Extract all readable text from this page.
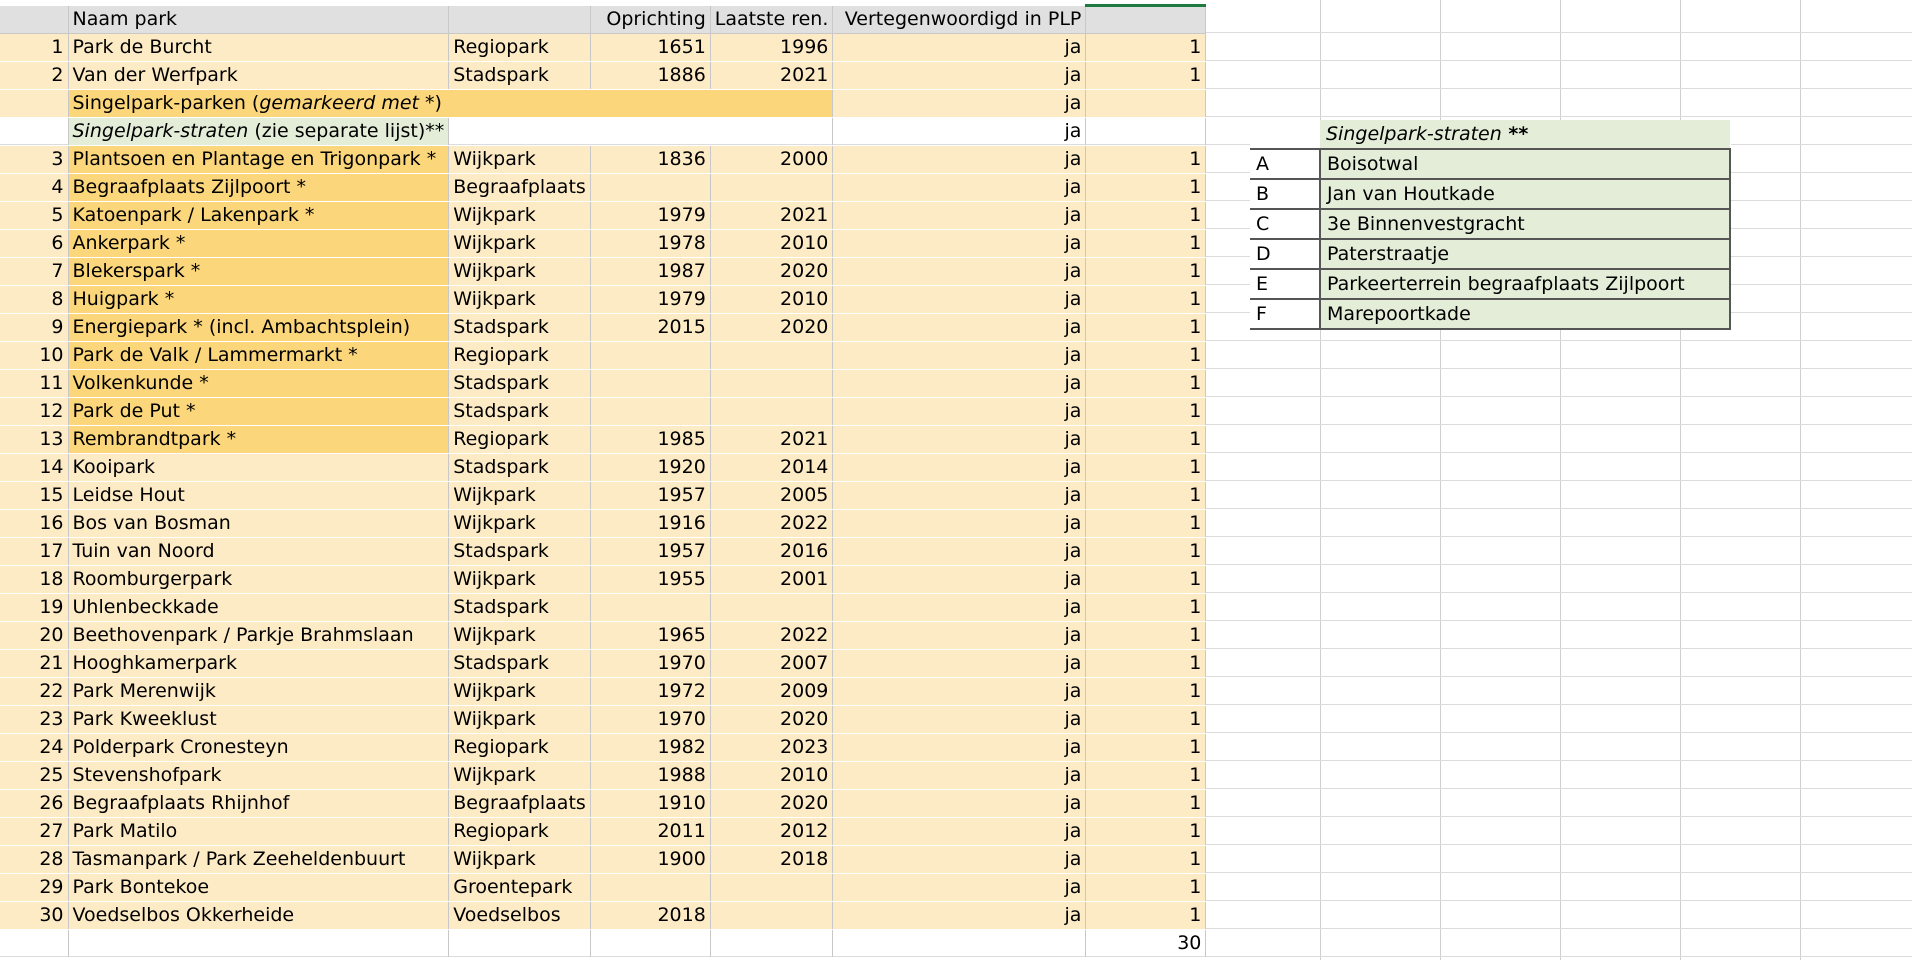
	Naam park		Oprichting	Laatste ren.	Vertegenwoordigd in PLP	
1	Park de Burcht	Regiopark	1651	1996	ja	1
2	Van der Werfpark	Stadspark	1886	2021	ja	1
	Singelpark-parken (gemarkeerd met *)				ja	
	Singelpark-straten (zie separate lijst)**				ja	
3	Plantsoen en Plantage en Trigonpark *	Wijkpark	1836	2000	ja	1
4	Begraafplaats Zijlpoort *	Begraafplaats			ja	1
5	Katoenpark / Lakenpark *	Wijkpark	1979	2021	ja	1
6	Ankerpark *	Wijkpark	1978	2010	ja	1
7	Blekerspark *	Wijkpark	1987	2020	ja	1
8	Huigpark *	Wijkpark	1979	2010	ja	1
9	Energiepark * (incl. Ambachtsplein)	Stadspark	2015	2020	ja	1
10	Park de Valk / Lammermarkt *	Regiopark			ja	1
11	Volkenkunde *	Stadspark			ja	1
12	Park de Put *	Stadspark			ja	1
13	Rembrandtpark *	Regiopark	1985	2021	ja	1
14	Kooipark	Stadspark	1920	2014	ja	1
15	Leidse Hout	Wijkpark	1957	2005	ja	1
16	Bos van Bosman	Wijkpark	1916	2022	ja	1
17	Tuin van Noord	Stadspark	1957	2016	ja	1
18	Roomburgerpark	Wijkpark	1955	2001	ja	1
19	Uhlenbeckkade	Stadspark			ja	1
20	Beethovenpark / Parkje Brahmslaan	Wijkpark	1965	2022	ja	1
21	Hooghkamerpark	Stadspark	1970	2007	ja	1
22	Park Merenwijk	Wijkpark	1972	2009	ja	1
23	Park Kweeklust	Wijkpark	1970	2020	ja	1
24	Polderpark Cronesteyn	Regiopark	1982	2023	ja	1
25	Stevenshofpark	Wijkpark	1988	2010	ja	1
26	Begraafplaats Rhijnhof	Begraafplaats	1910	2020	ja	1
27	Park Matilo	Regiopark	2011	2012	ja	1
28	Tasmanpark / Park Zeeheldenbuurt	Wijkpark	1900	2018	ja	1
29	Park Bontekoe	Groentepark			ja	1
30	Voedselbos Okkerheide	Voedselbos	2018		ja	1
						30
	Singelpark-straten **
A	Boisotwal
B	Jan van Houtkade
C	3e Binnenvestgracht
D	Paterstraatje
E	Parkeerterrein begraafplaats Zijlpoort
F	Marepoortkade
